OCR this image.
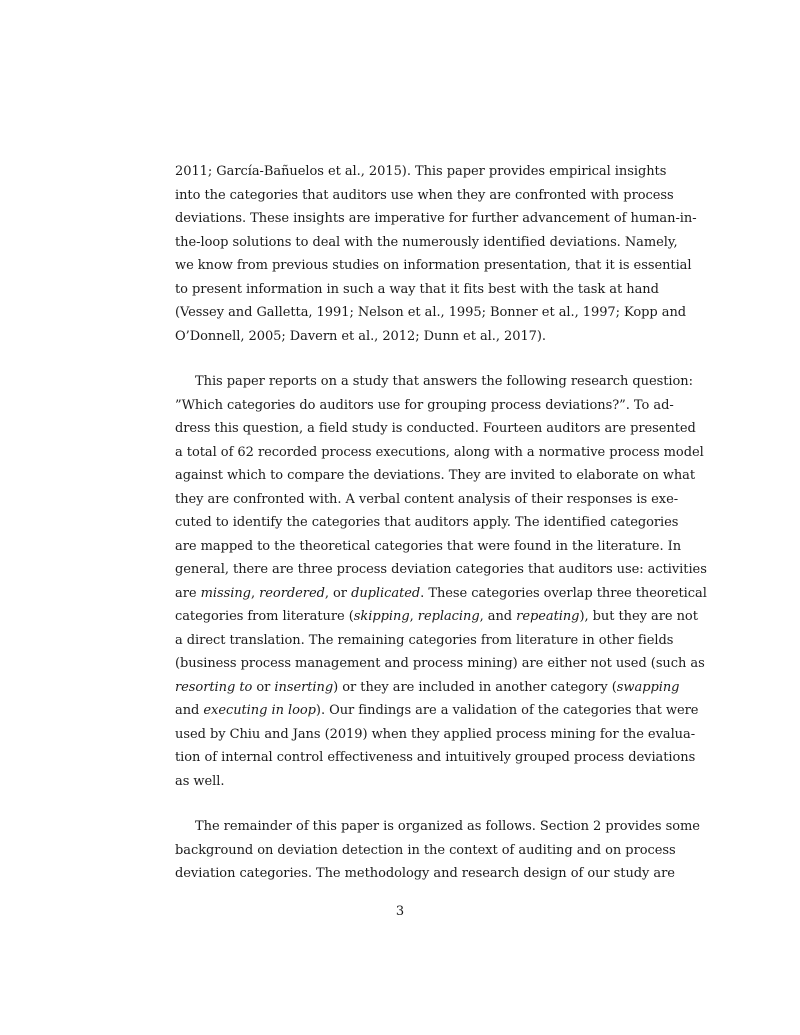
2011; García-Bañuelos et al., 2015). This paper provides empirical insights
into the categories that auditors use when they are confronted with process
deviations. These insights are imperative for further advancement of human-in-
the-loop solutions to deal with the numerously identified deviations. Namely,
we know from previous studies on information presentation, that it is essential
to present information in such a way that it fits best with the task at hand
(Vessey and Galletta, 1991; Nelson et al., 1995; Bonner et al., 1997; Kopp and
O’Donnell, 2005; Davern et al., 2012; Dunn et al., 2017).
This paper reports on a study that answers the following research question:
”Which categories do auditors use for grouping process deviations?”. To ad-
dress this question, a field study is conducted. Fourteen auditors are presented
a total of 62 recorded process executions, along with a normative process model
against which to compare the deviations. They are invited to elaborate on what
they are confronted with. A verbal content analysis of their responses is exe-
cuted to identify the categories that auditors apply. The identified categories
are mapped to the theoretical categories that were found in the literature. In
general, there are three process deviation categories that auditors use: activities
are missing, reordered, or duplicated. These categories overlap three theoretical
categories from literature (skipping, replacing, and repeating), but they are not
a direct translation. The remaining categories from literature in other fields
(business process management and process mining) are either not used (such as
resorting to or inserting) or they are included in another category (swapping
and executing in loop). Our findings are a validation of the categories that were
used by Chiu and Jans (2019) when they applied process mining for the evalua-
tion of internal control effectiveness and intuitively grouped process deviations
as well.
The remainder of this paper is organized as follows. Section 2 provides some
background on deviation detection in the context of auditing and on process
deviation categories. The methodology and research design of our study are
3
